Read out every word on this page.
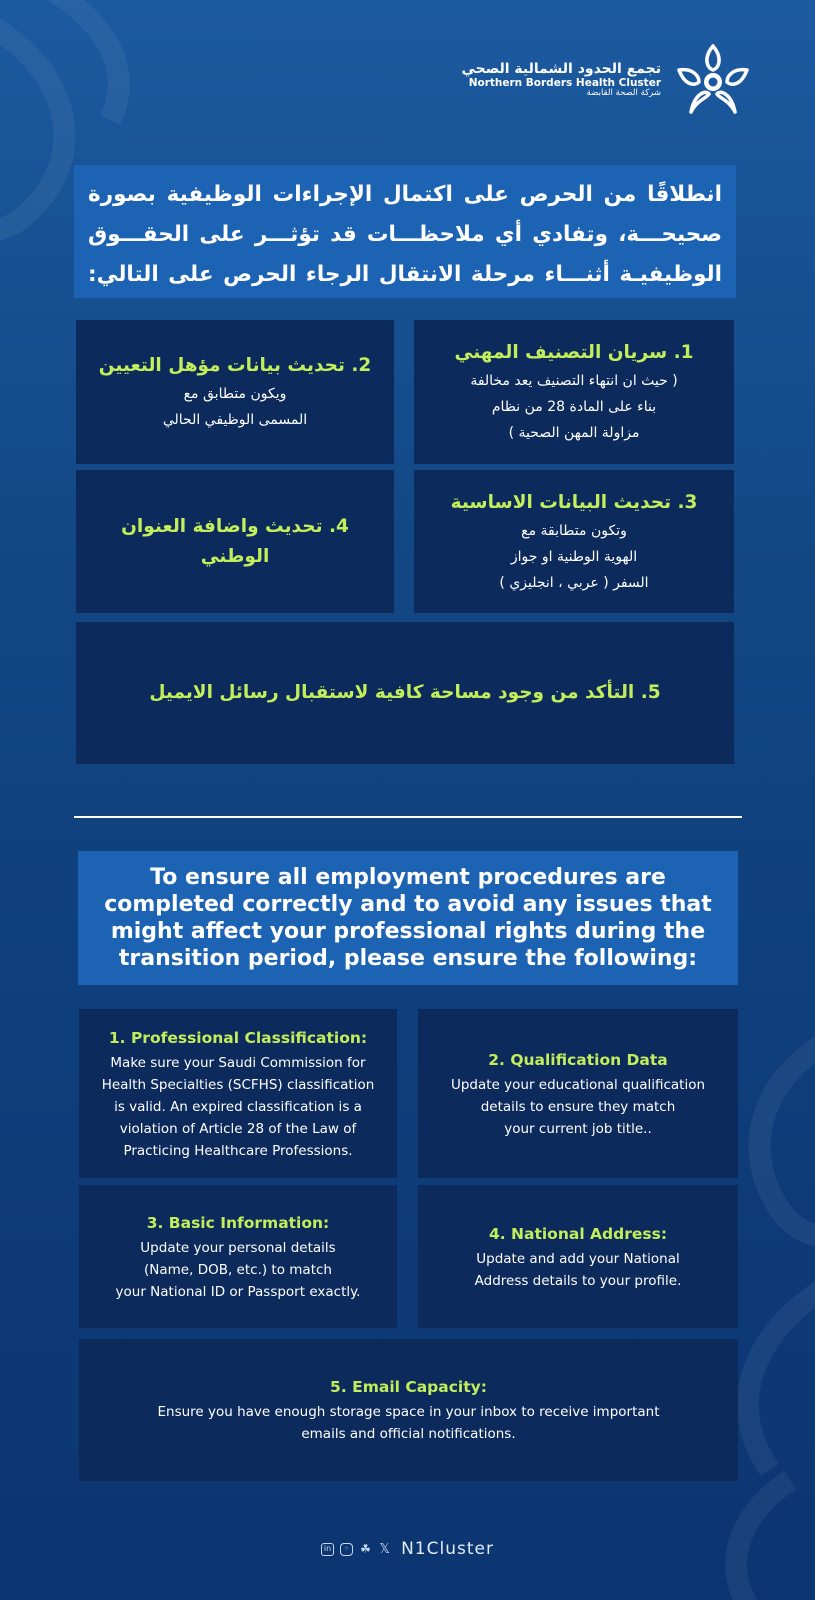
تجمع الحدود الشمالية الصحي
Northern Borders Health Cluster
شركة الصحة القابضة
انطلاقًا من الحرص على اكتمال الإجراءات الوظيفية بصورة
صحيحـــة، وتفادي أي ملاحظـــات قد تؤثـــر على الحقـــوق
الوظيفيـة أثنـــاء مرحلة الانتقال الرجاء الحرص على التالي:
1. سريان التصنيف المهني
( حيث ان انتهاء التصنيف يعد مخالفة
بناء على المادة 28 من نظام
مزاولة المهن الصحية )
2. تحديث بيانات مؤهل التعيين
ويكون متطابق مع
المسمى الوظيفي الحالي
3. تحديث البيانات الاساسية
وتكون متطابقة مع
الهوية الوطنية او جواز
السفر ( عربي ، انجليزي )
4. تحديث واضافة العنوان الوطني
5. التأكد من وجود مساحة كافية لاستقبال رسائل الايميل
To ensure all employment procedures are
completed correctly and to avoid any issues that
might affect your professional rights during the
transition period, please ensure the following:
1. Professional Classification:
Make sure your Saudi Commission for
Health Specialties (SCFHS) classification
is valid. An expired classification is a
violation of Article 28 of the Law of
Practicing Healthcare Professions.
2. Qualification Data
Update your educational qualification
details to ensure they match
your current job title..
3. Basic Information:
Update your personal details
(Name, DOB, etc.) to match
your National ID or Passport exactly.
4. National Address:
Update and add your National
Address details to your profile.
5. Email Capacity:
Ensure you have enough storage space in your inbox to receive important
emails and official notifications.
in	◦ ☘ 𝕏 N1Cluster
